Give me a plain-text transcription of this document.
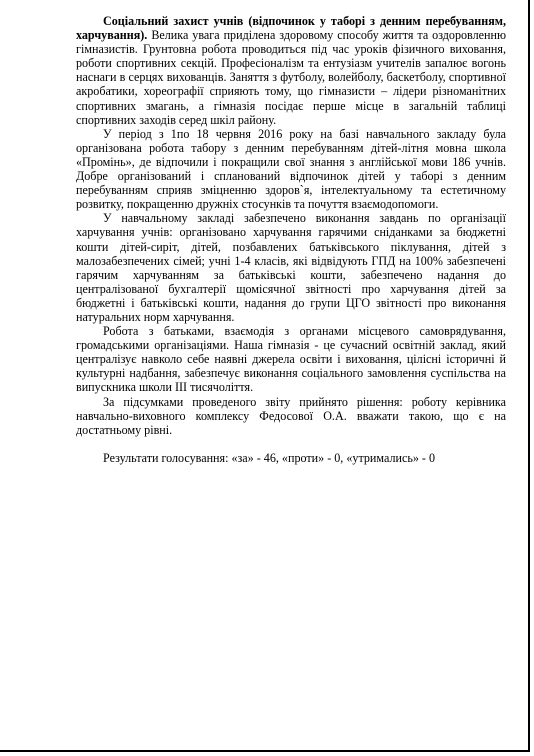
Соціальний захист учнів (відпочинок у таборі з денним перебуванням, харчування). Велика увага приділена здоровому способу життя та оздоровленню гімназистів. Грунтовна робота проводиться під час уроків фізичного виховання, роботи спортивних секцій. Професіоналізм та ентузіазм учителів запалює вогонь наснаги в серцях вихованців. Заняття з футболу, волейболу, баскетболу, спортивної акробатики, хореографії сприяють тому, що гімназисти – лідери різноманітних спортивних змагань, а гімназія посідає перше місце в загальній таблиці спортивних заходів серед шкіл району.

У період з 1по 18 червня 2016 року на базі навчального закладу була організована робота табору з денним перебуванням дітей-літня мовна школа «Промінь», де відпочили і покращили свої знання з англійської мови 186 учнів. Добре організований і спланований відпочинок дітей у таборі з денним перебуванням сприяв зміцненню здоров`я, інтелектуальному та естетичному розвитку, покращенню дружніх стосунків та почуття взаємодопомоги.

У навчальному закладі забезпечено виконання завдань по організації харчування учнів: організовано харчування гарячими сніданками за бюджетні кошти дітей-сиріт, дітей, позбавлених батьківського піклування, дітей з малозабезпечених сімей; учні 1-4 класів, які відвідують ГПД на 100% забезпечені гарячим харчуванням за батьківські кошти, забезпечено надання до централізованої бухгалтерії щомісячної звітності про харчування дітей за бюджетні і батьківські кошти, надання до групи ЦГО звітності про виконання натуральних норм харчування.

Робота з батьками, взаємодія з органами місцевого самоврядування, громадськими організаціями. Наша гімназія - це сучасний освітній заклад, який централізує навколо себе наявні джерела освіти і виховання, цілісні історичні й культурні надбання, забезпечує виконання соціального замовлення суспільства на випускника школи ІІІ тисячоліття.

За підсумками проведеного звіту прийнято рішення: роботу керівника навчально-виховного комплексу Федосової О.А. вважати такою, що є на достатньому рівні.

Результати голосування: «за» - 46, «проти» - 0, «утримались» - 0
